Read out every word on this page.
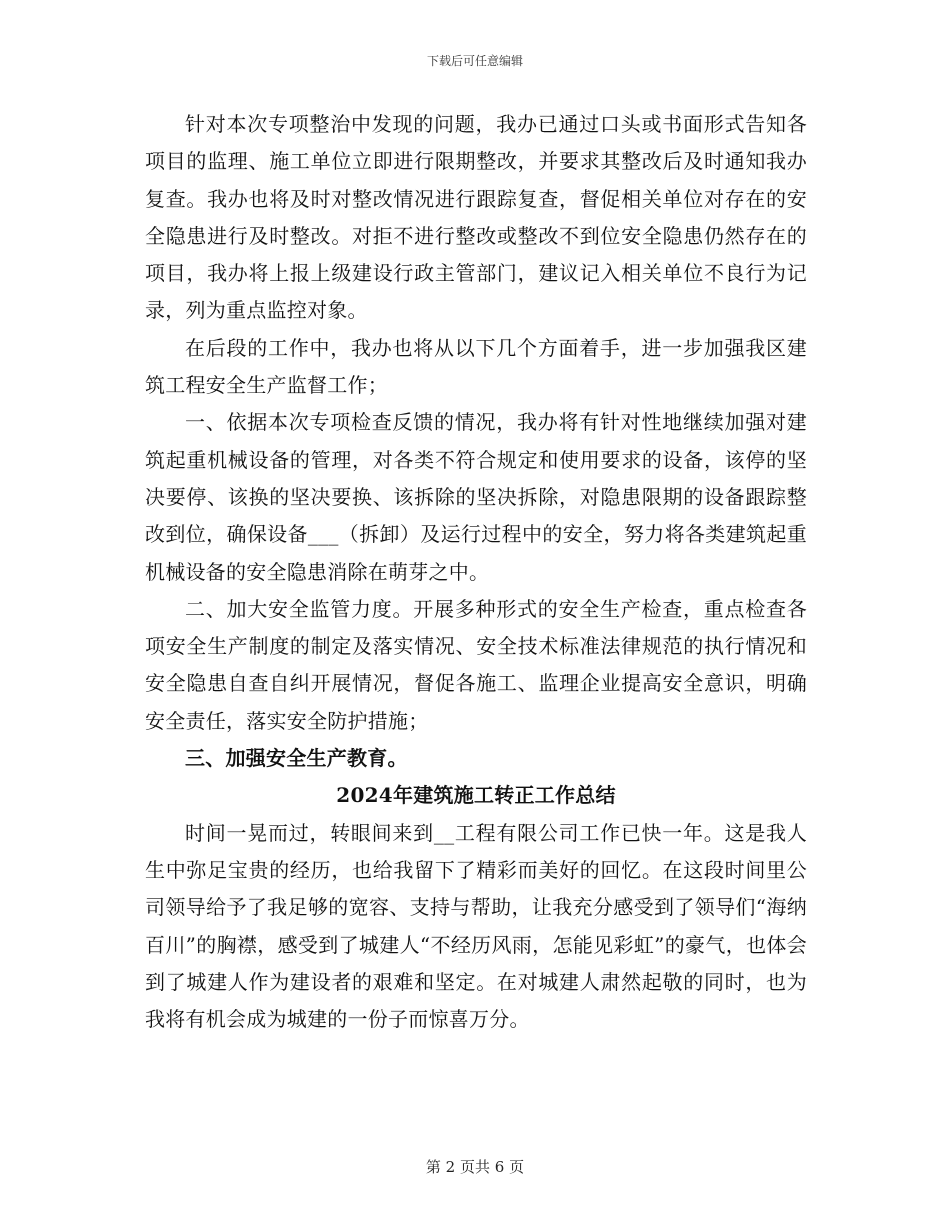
下载后可任意编辑

针对本次专项整治中发现的问题，我办已通过口头或书面形式告知各项目的监理、施工单位立即进行限期整改，并要求其整改后及时通知我办复查。我办也将及时对整改情况进行跟踪复查，督促相关单位对存在的安全隐患进行及时整改。对拒不进行整改或整改不到位安全隐患仍然存在的项目，我办将上报上级建设行政主管部门，建议记入相关单位不良行为记录，列为重点监控对象。

在后段的工作中，我办也将从以下几个方面着手，进一步加强我区建筑工程安全生产监督工作；

一、依据本次专项检查反馈的情况，我办将有针对性地继续加强对建筑起重机械设备的管理，对各类不符合规定和使用要求的设备，该停的坚决要停、该换的坚决要换、该拆除的坚决拆除，对隐患限期的设备跟踪整改到位，确保设备___（拆卸）及运行过程中的安全，努力将各类建筑起重机械设备的安全隐患消除在萌芽之中。

二、加大安全监管力度。开展多种形式的安全生产检查，重点检查各项安全生产制度的制定及落实情况、安全技术标准法律规范的执行情况和安全隐患自查自纠开展情况，督促各施工、监理企业提高安全意识，明确安全责任，落实安全防护措施；

三、加强安全生产教育。

2024年建筑施工转正工作总结

时间一晃而过，转眼间来到__工程有限公司工作已快一年。这是我人生中弥足宝贵的经历，也给我留下了精彩而美好的回忆。在这段时间里公司领导给予了我足够的宽容、支持与帮助，让我充分感受到了领导们“海纳百川”的胸襟，感受到了城建人“不经历风雨，怎能见彩虹”的豪气，也体会到了城建人作为建设者的艰难和坚定。在对城建人肃然起敬的同时，也为我将有机会成为城建的一份子而惊喜万分。

第 2 页共 6 页
